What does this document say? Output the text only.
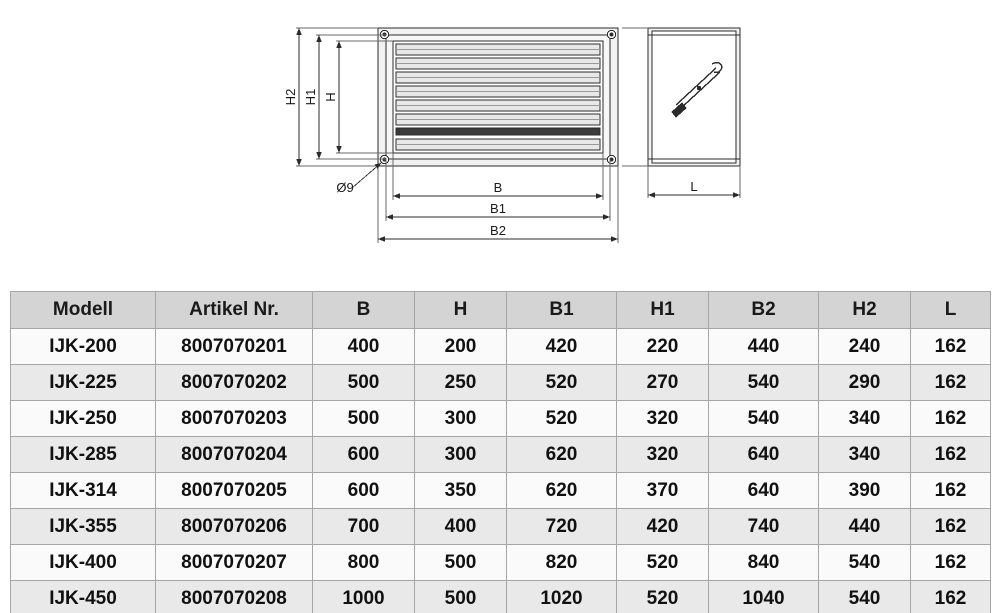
H2 H1 H
Ø9	B
B1
B2
L
Modell	Artikel Nr.	B	H	B1	H1	B2	H2	L
IJK-200	8007070201	400	200	420	220	440	240	162
IJK-225	8007070202	500	250	520	270	540	290	162
IJK-250	8007070203	500	300	520	320	540	340	162
IJK-285	8007070204	600	300	620	320	640	340	162
IJK-314	8007070205	600	350	620	370	640	390	162
IJK-355	8007070206	700	400	720	420	740	440	162
IJK-400	8007070207	800	500	820	520	840	540	162
IJK-450	8007070208	1000	500	1020	520	1040	540	162
